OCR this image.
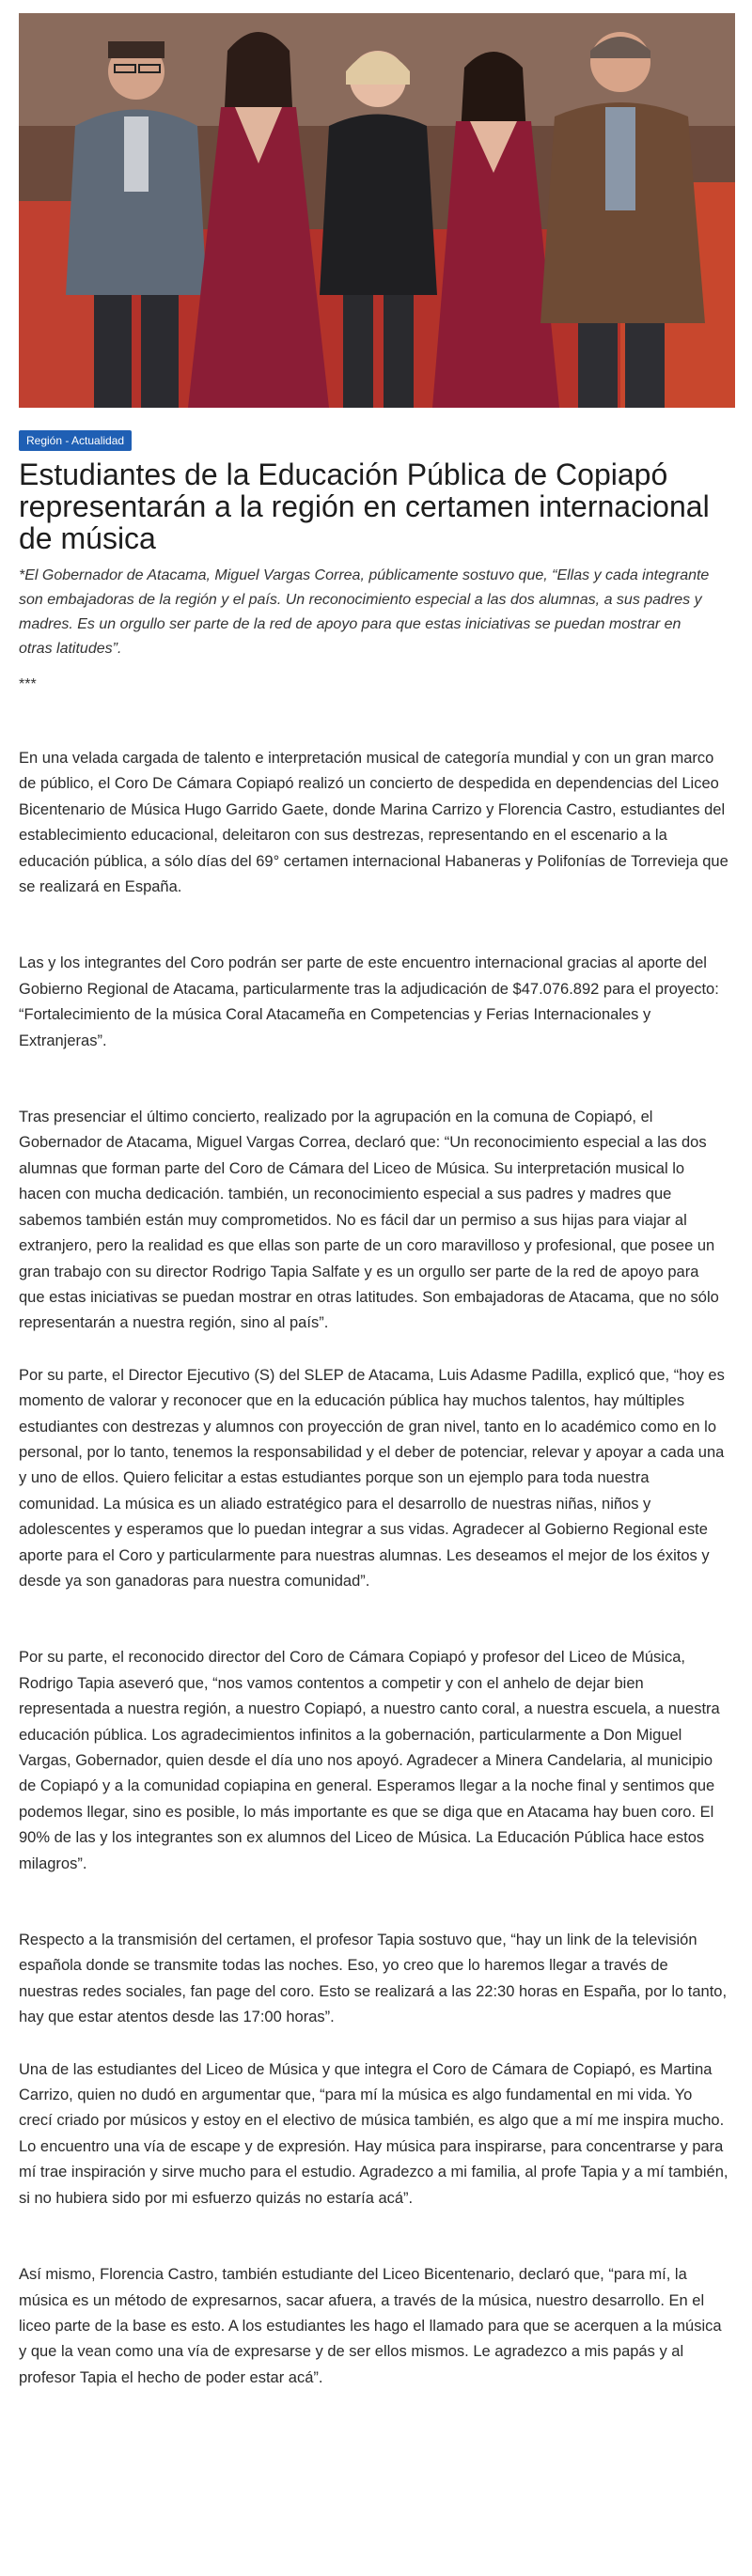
Región - Actualidad
Estudiantes de la Educación Pública de Copiapó representarán a la región en certamen internacional de música

*El Gobernador de Atacama, Miguel Vargas Correa, públicamente sostuvo que, “Ellas y cada integrante son embajadoras de la región y el país. Un reconocimiento especial a las dos alumnas, a sus padres y madres. Es un orgullo ser parte de la red de apoyo para que estas iniciativas se puedan mostrar en otras latitudes”.

***

En una velada cargada de talento e interpretación musical de categoría mundial y con un gran marco de público, el Coro De Cámara Copiapó realizó un concierto de despedida en dependencias del Liceo Bicentenario de Música Hugo Garrido Gaete, donde Marina Carrizo y Florencia Castro, estudiantes del establecimiento educacional, deleitaron con sus destrezas, representando en el escenario a la educación pública, a sólo días del 69° certamen internacional Habaneras y Polifonías de Torrevieja que se realizará en España.

Las y los integrantes del Coro podrán ser parte de este encuentro internacional gracias al aporte del Gobierno Regional de Atacama, particularmente tras la adjudicación de $47.076.892 para el proyecto: “Fortalecimiento de la música Coral Atacameña en Competencias y Ferias Internacionales y Extranjeras”.

Tras presenciar el último concierto, realizado por la agrupación en la comuna de Copiapó, el Gobernador de Atacama, Miguel Vargas Correa, declaró que: “Un reconocimiento especial a las dos alumnas que forman parte del Coro de Cámara del Liceo de Música. Su interpretación musical lo hacen con mucha dedicación. también, un reconocimiento especial a sus padres y madres que sabemos también están muy comprometidos. No es fácil dar un permiso a sus hijas para viajar al extranjero, pero la realidad es que ellas son parte de un coro maravilloso y profesional, que posee un gran trabajo con su director Rodrigo Tapia Salfate y es un orgullo ser parte de la red de apoyo para que estas iniciativas se puedan mostrar en otras latitudes. Son embajadoras de Atacama, que no sólo representarán a nuestra región, sino al país”.

Por su parte, el Director Ejecutivo (S) del SLEP de Atacama, Luis Adasme Padilla, explicó que, “hoy es momento de valorar y reconocer que en la educación pública hay muchos talentos, hay múltiples estudiantes con destrezas y alumnos con proyección de gran nivel, tanto en lo académico como en lo personal, por lo tanto, tenemos la responsabilidad y el deber de potenciar, relevar y apoyar a cada una y uno de ellos. Quiero felicitar a estas estudiantes porque son un ejemplo para toda nuestra comunidad. La música es un aliado estratégico para el desarrollo de nuestras niñas, niños y adolescentes y esperamos que lo puedan integrar a sus vidas. Agradecer al Gobierno Regional este aporte para el Coro y particularmente para nuestras alumnas. Les deseamos el mejor de los éxitos y desde ya son ganadoras para nuestra comunidad”.

Por su parte, el reconocido director del Coro de Cámara Copiapó y profesor del Liceo de Música, Rodrigo Tapia aseveró que, “nos vamos contentos a competir y con el anhelo de dejar bien representada a nuestra región, a nuestro Copiapó, a nuestro canto coral, a nuestra escuela, a nuestra educación pública. Los agradecimientos infinitos a la gobernación, particularmente a Don Miguel Vargas, Gobernador, quien desde el día uno nos apoyó. Agradecer a Minera Candelaria, al municipio de Copiapó y a la comunidad copiapina en general. Esperamos llegar a la noche final y sentimos que podemos llegar, sino es posible, lo más importante es que se diga que en Atacama hay buen coro. El 90% de las y los integrantes son ex alumnos del Liceo de Música. La Educación Pública hace estos milagros”.

Respecto a la transmisión del certamen, el profesor Tapia sostuvo que, “hay un link de la televisión española donde se transmite todas las noches. Eso, yo creo que lo haremos llegar a través de nuestras redes sociales, fan page del coro. Esto se realizará a las 22:30 horas en España, por lo tanto, hay que estar atentos desde las 17:00 horas”.

Una de las estudiantes del Liceo de Música y que integra el Coro de Cámara de Copiapó, es Martina Carrizo, quien no dudó en argumentar que, “para mí la música es algo fundamental en mi vida. Yo crecí criado por músicos y estoy en el electivo de música también, es algo que a mí me inspira mucho. Lo encuentro una vía de escape y de expresión. Hay música para inspirarse, para concentrarse y para mí trae inspiración y sirve mucho para el estudio. Agradezco a mi familia, al profe Tapia y a mí también, si no hubiera sido por mi esfuerzo quizás no estaría acá”.

Así mismo, Florencia Castro, también estudiante del Liceo Bicentenario, declaró que, “para mí, la música es un método de expresarnos, sacar afuera, a través de la música, nuestro desarrollo. En el liceo parte de la base es esto. A los estudiantes les hago el llamado para que se acerquen a la música y que la vean como una vía de expresarse y de ser ellos mismos. Le agradezco a mis papás y al profesor Tapia el hecho de poder estar acá”.
